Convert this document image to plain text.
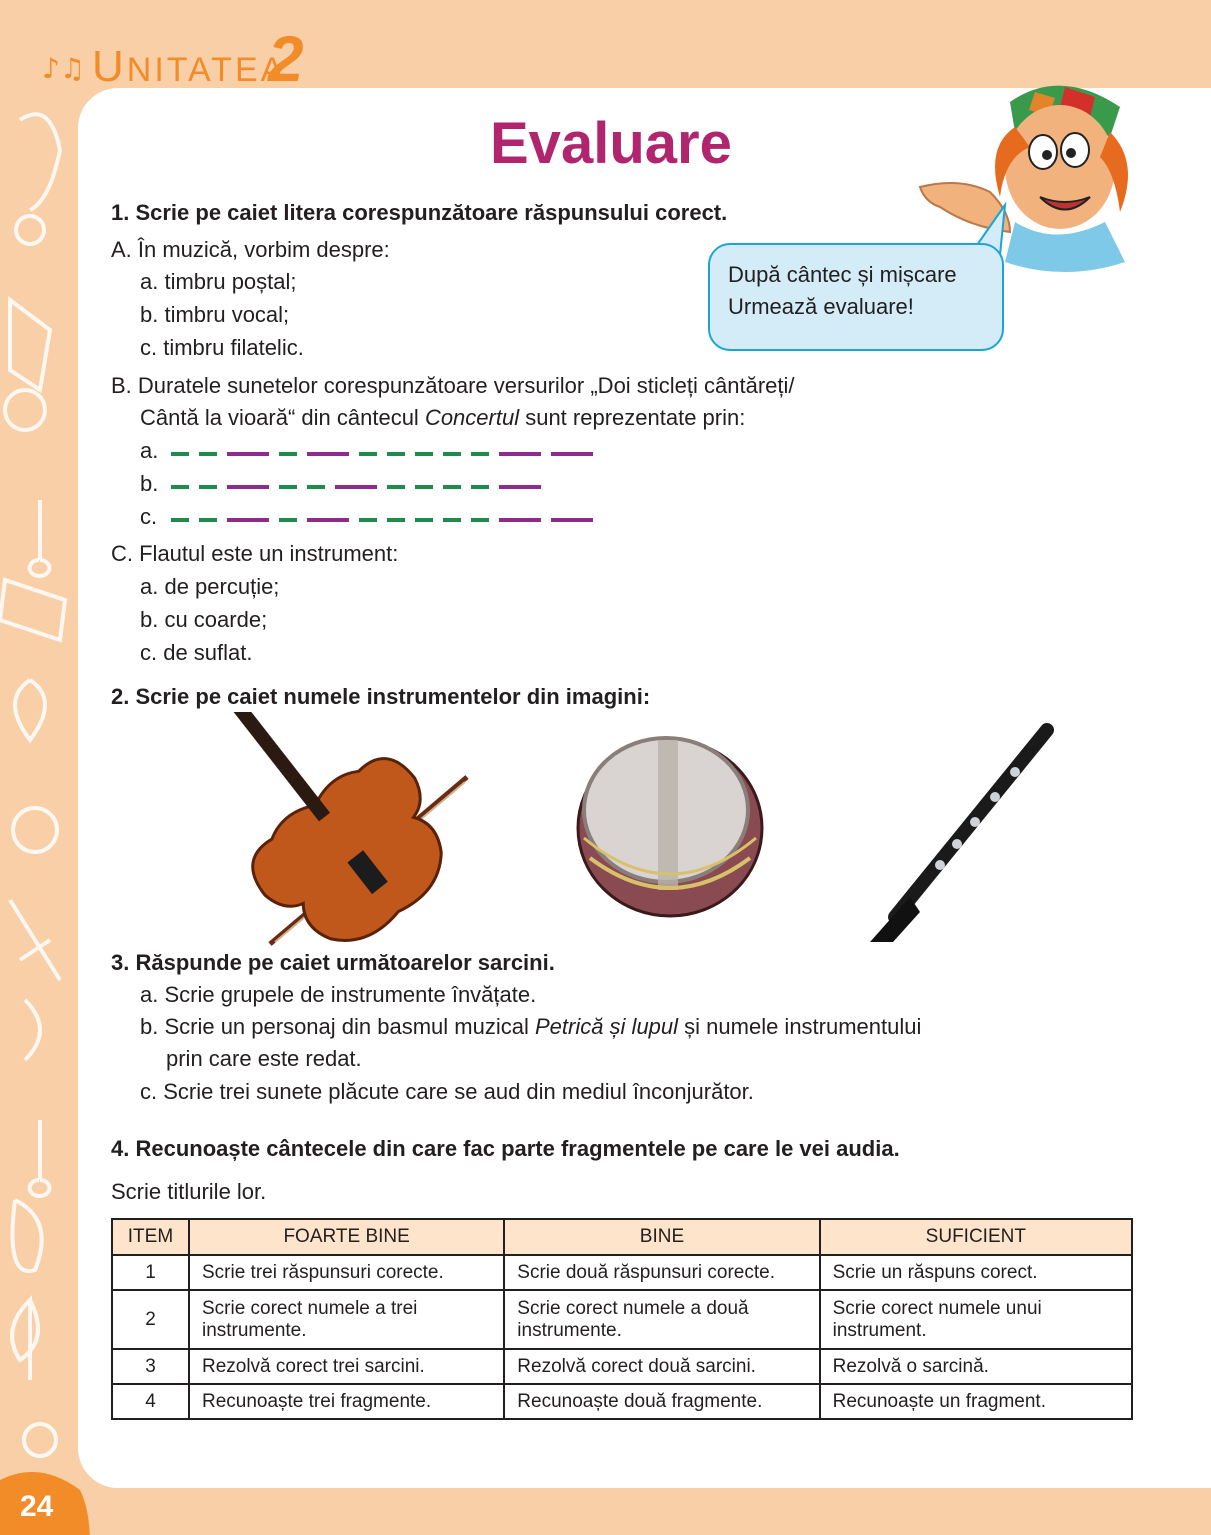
♪♫ UNITATEA
2
24
Evaluare
După cântec și mișcare
Urmează evaluare!
1. Scrie pe caiet litera corespunzătoare răspunsului corect.
A. În muzică, vorbim despre:
a. timbru poștal;
b. timbru vocal;
c. timbru filatelic.
B. Duratele sunetelor corespunzătoare versurilor „Doi sticleți cântăreți/
Cântă la vioară“ din cântecul Concertul sunt reprezentate prin:
a.
b.
c.
C. Flautul este un instrument:
a. de percuție;
b. cu coarde;
c. de suflat.
2. Scrie pe caiet numele instrumentelor din imagini:
3. Răspunde pe caiet următoarelor sarcini.
a. Scrie grupele de instrumente învățate.
b. Scrie un personaj din basmul muzical Petrică și lupul și numele instrumentului
prin care este redat.
c. Scrie trei sunete plăcute care se aud din mediul înconjurător.
4. Recunoaște cântecele din care fac parte fragmentele pe care le vei audia.
Scrie titlurile lor.
ITEM	FOARTE BINE	BINE	SUFICIENT
1	Scrie trei răspunsuri corecte.	Scrie două răspunsuri corecte.	Scrie un răspuns corect.
2	Scrie corect numele a trei instrumente.	Scrie corect numele a două instrumente.	Scrie corect numele unui instrument.
3	Rezolvă corect trei sarcini.	Rezolvă corect două sarcini.	Rezolvă o sarcină.
4	Recunoaște trei fragmente.	Recunoaște două fragmente.	Recunoaște un fragment.
